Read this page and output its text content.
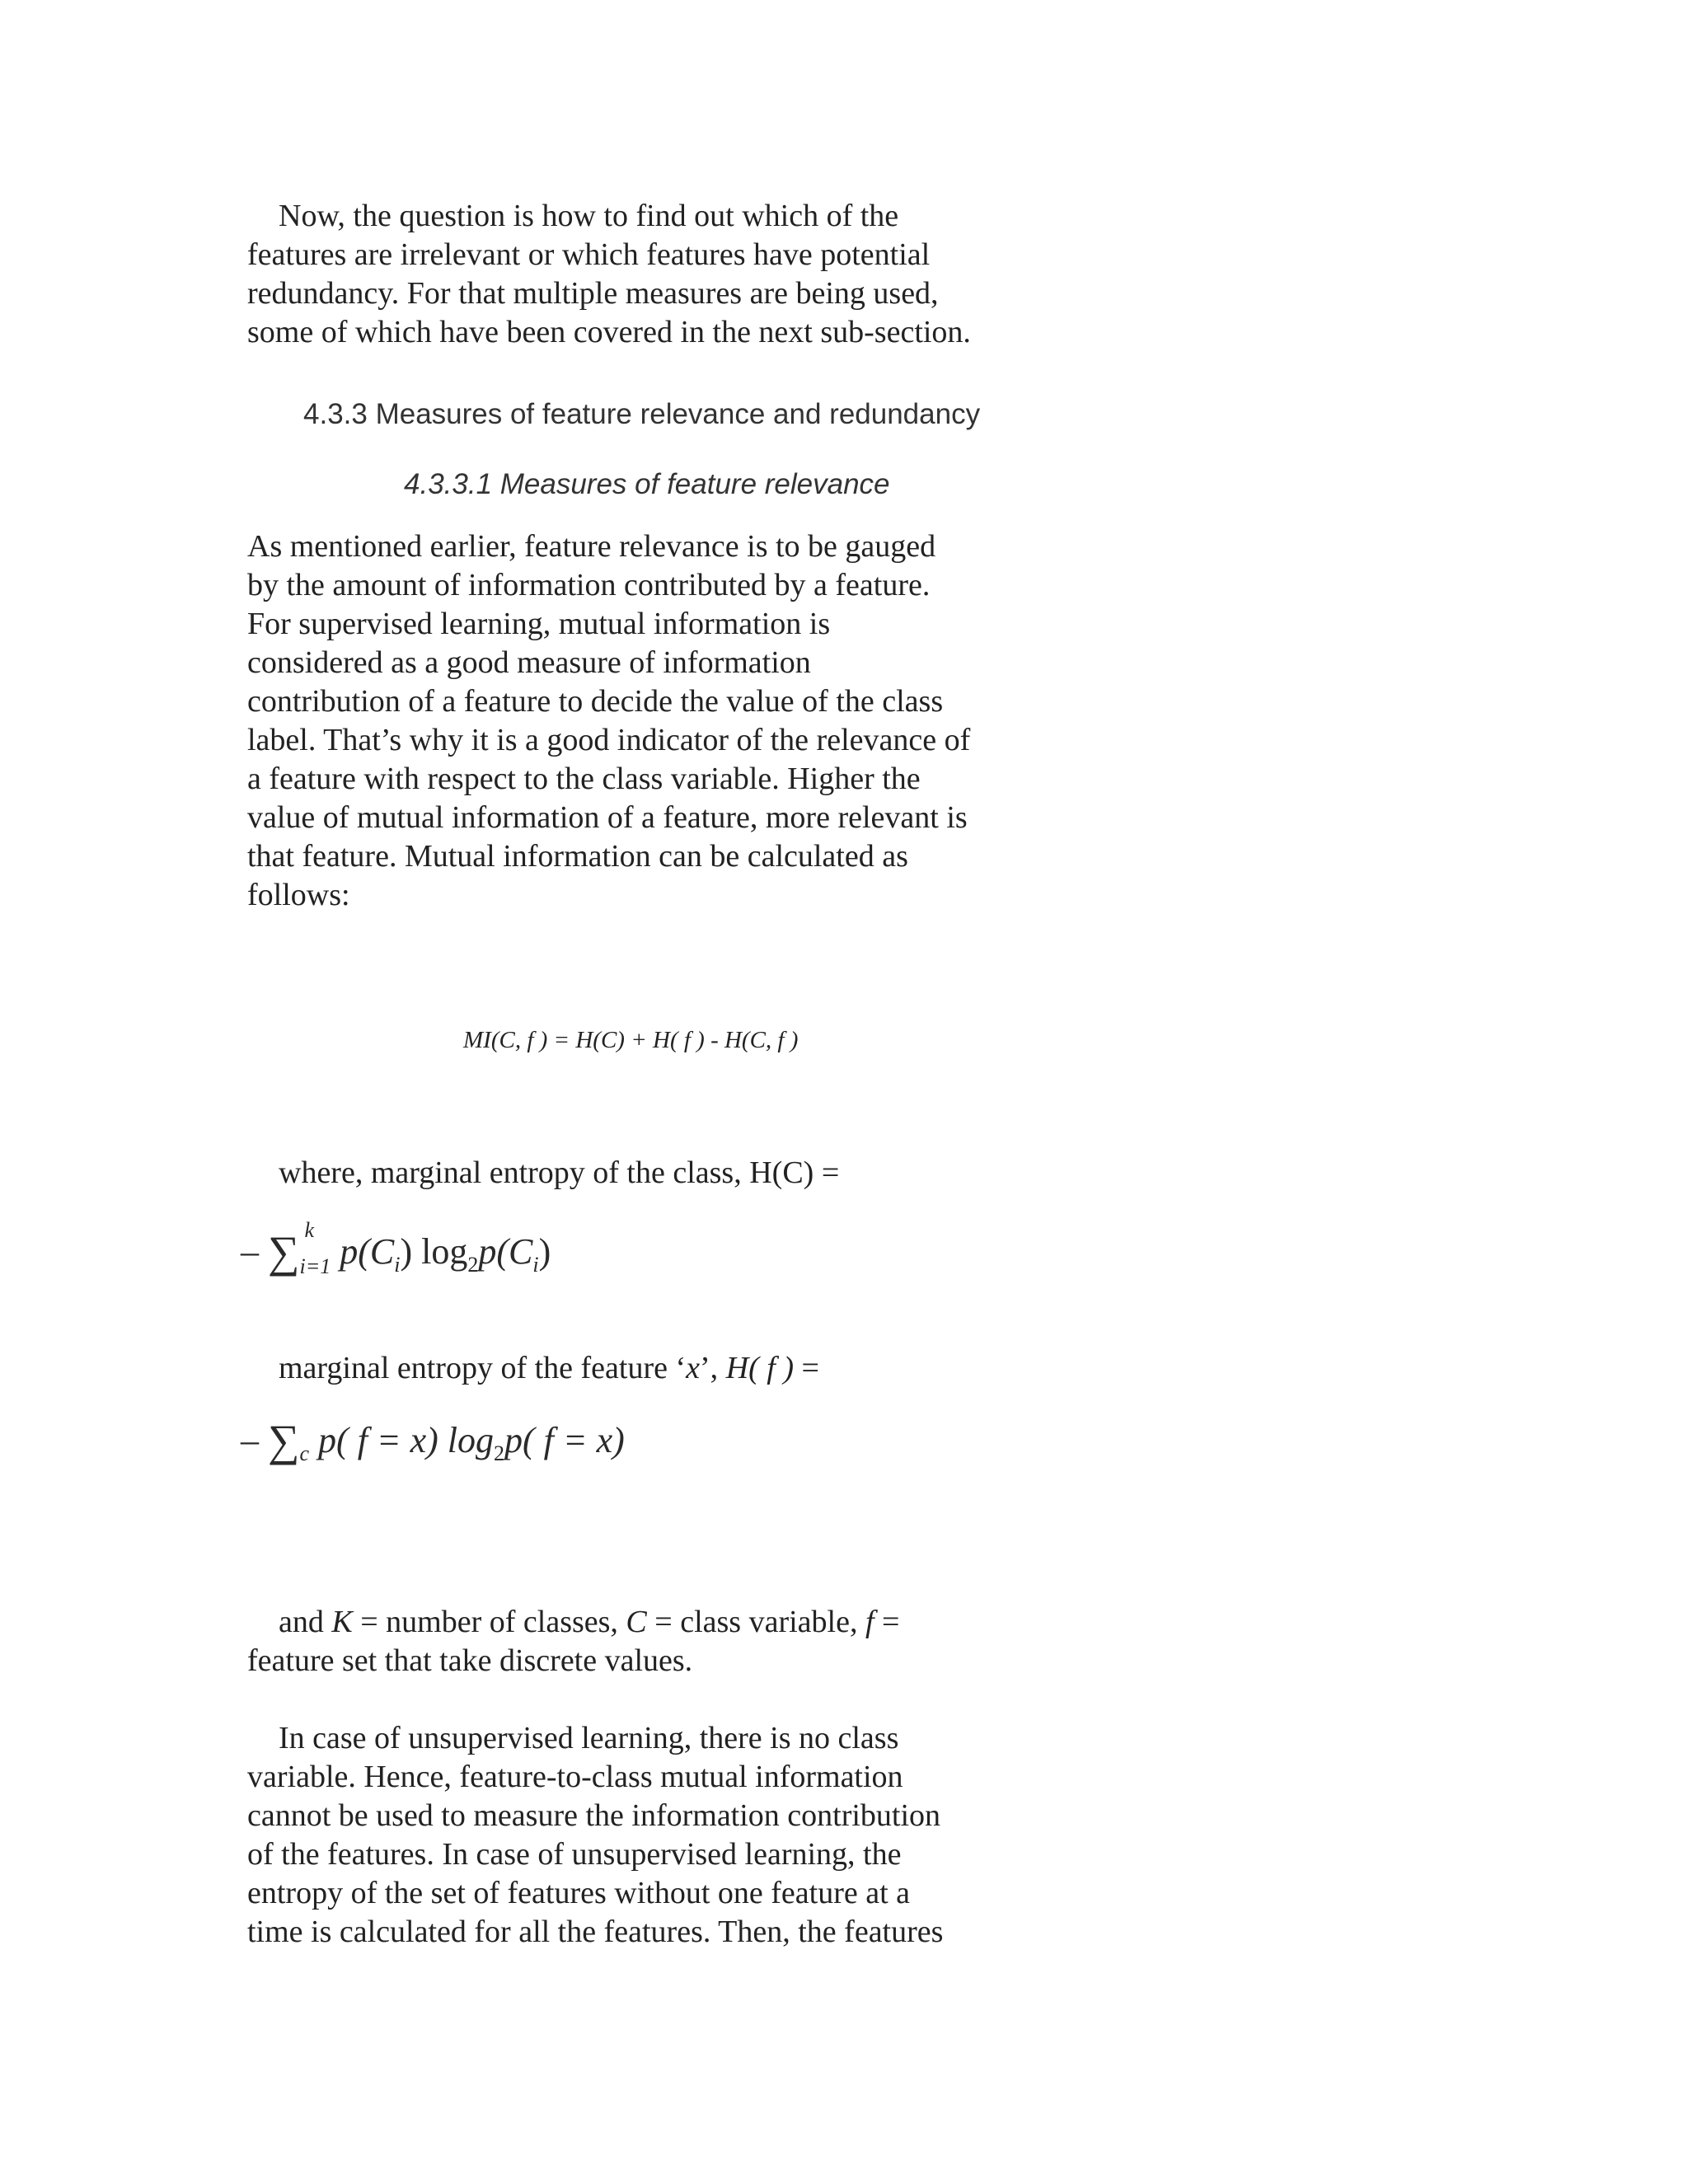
Now, the question is how to find out which of the
features are irrelevant or which features have potential
redundancy. For that multiple measures are being used,
some of which have been covered in the next sub-section.
4.3.3 Measures of feature relevance and redundancy
4.3.3.1 Measures of feature relevance
As mentioned earlier, feature relevance is to be gauged
by the amount of information contributed by a feature.
For supervised learning, mutual information is
considered as a good measure of information
contribution of a feature to decide the value of the class
label. That’s why it is a good indicator of the relevance of
a feature with respect to the class variable. Higher the
value of mutual information of a feature, more relevant is
that feature. Mutual information can be calculated as
follows:
MI(C, f ) = H(C) + H( f ) - H(C, f )
where, marginal entropy of the class, H(C) =
– ∑ k
i=1 $p(C_i)$ $\log_2p(C_i)$
marginal entropy of the feature ‘x’, H( f ) =
– $\sum_c$ p( f = x) $\log_2p$( f = x)
and K = number of classes, C = class variable, f =
feature set that take discrete values.
In case of unsupervised learning, there is no class
variable. Hence, feature-to-class mutual information
cannot be used to measure the information contribution
of the features. In case of unsupervised learning, the
entropy of the set of features without one feature at a
time is calculated for all the features. Then, the features
